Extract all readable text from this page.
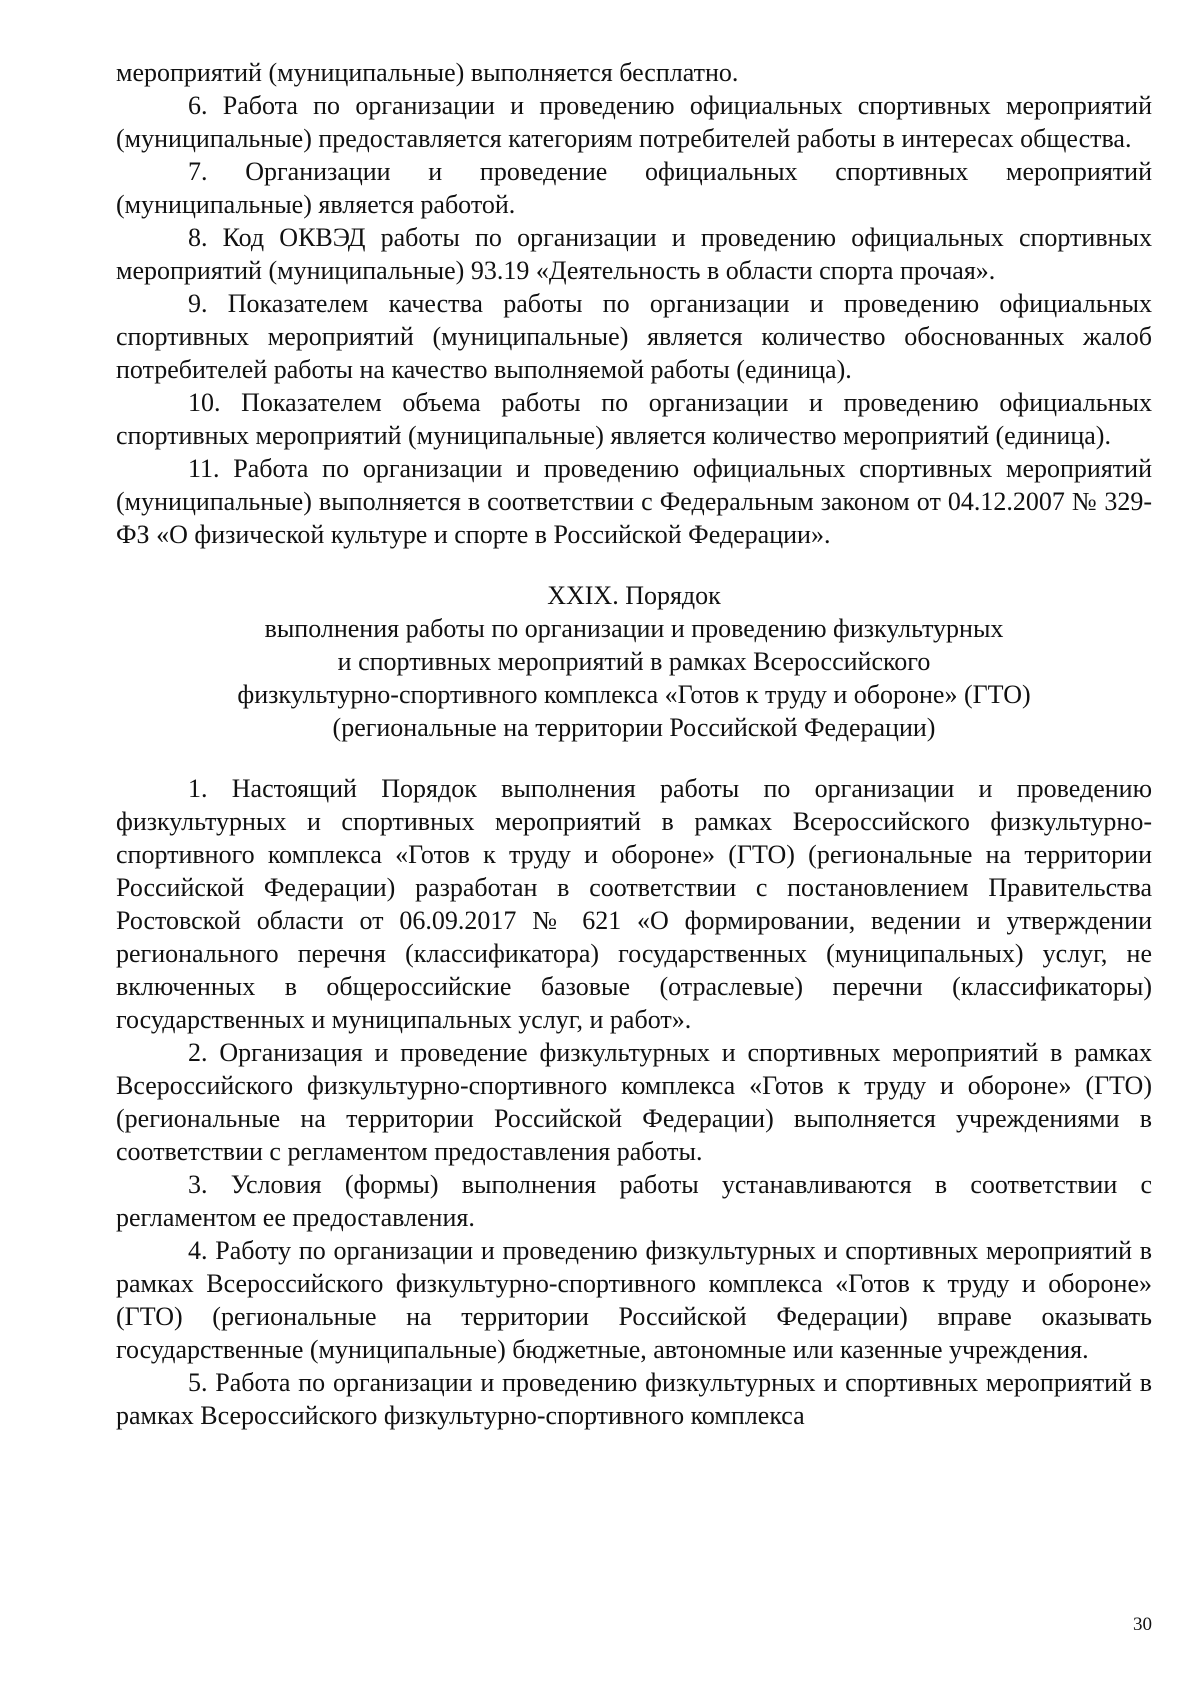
мероприятий (муниципальные) выполняется бесплатно.

6. Работа по организации и проведению официальных спортивных мероприятий (муниципальные) предоставляется категориям потребителей работы в интересах общества.

7. Организации и проведение официальных спортивных мероприятий (муниципальные) является работой.

8. Код ОКВЭД работы по организации и проведению официальных спортивных мероприятий (муниципальные) 93.19 «Деятельность в области спорта прочая».

9. Показателем качества работы по организации и проведению официальных спортивных мероприятий (муниципальные) является количество обоснованных жалоб потребителей работы на качество выполняемой работы (единица).

10. Показателем объема работы по организации и проведению официальных спортивных мероприятий (муниципальные) является количество мероприятий (единица).

11. Работа по организации и проведению официальных спортивных мероприятий (муниципальные) выполняется в соответствии с Федеральным законом от 04.12.2007 № 329-ФЗ «О физической культуре и спорте в Российской Федерации».

XXIX. Порядок

выполнения работы по организации и проведению физкультурных

и спортивных мероприятий в рамках Всероссийского

физкультурно-спортивного комплекса «Готов к труду и обороне» (ГТО)

(региональные на территории Российской Федерации)

1. Настоящий Порядок выполнения работы по организации и проведению физкультурных и спортивных мероприятий в рамках Всероссийского физкультурно-спортивного комплекса «Готов к труду и обороне» (ГТО) (региональные на территории Российской Федерации) разработан в соответствии с постановлением Правительства Ростовской области от 06.09.2017 № 621 «О формировании, ведении и утверждении регионального перечня (классификатора) государственных (муниципальных) услуг, не включенных в общероссийские базовые (отраслевые) перечни (классификаторы) государственных и муниципальных услуг, и работ».

2. Организация и проведение физкультурных и спортивных мероприятий в рамках Всероссийского физкультурно-спортивного комплекса «Готов к труду и обороне» (ГТО) (региональные на территории Российской Федерации) выполняется учреждениями в соответствии с регламентом предоставления работы.

3. Условия (формы) выполнения работы устанавливаются в соответствии с регламентом ее предоставления.

4. Работу по организации и проведению физкультурных и спортивных мероприятий в рамках Всероссийского физкультурно-спортивного комплекса «Готов к труду и обороне» (ГТО) (региональные на территории Российской Федерации) вправе оказывать государственные (муниципальные) бюджетные, автономные или казенные учреждения.

5. Работа по организации и проведению физкультурных и спортивных мероприятий в рамках Всероссийского физкультурно-спортивного комплекса

30
